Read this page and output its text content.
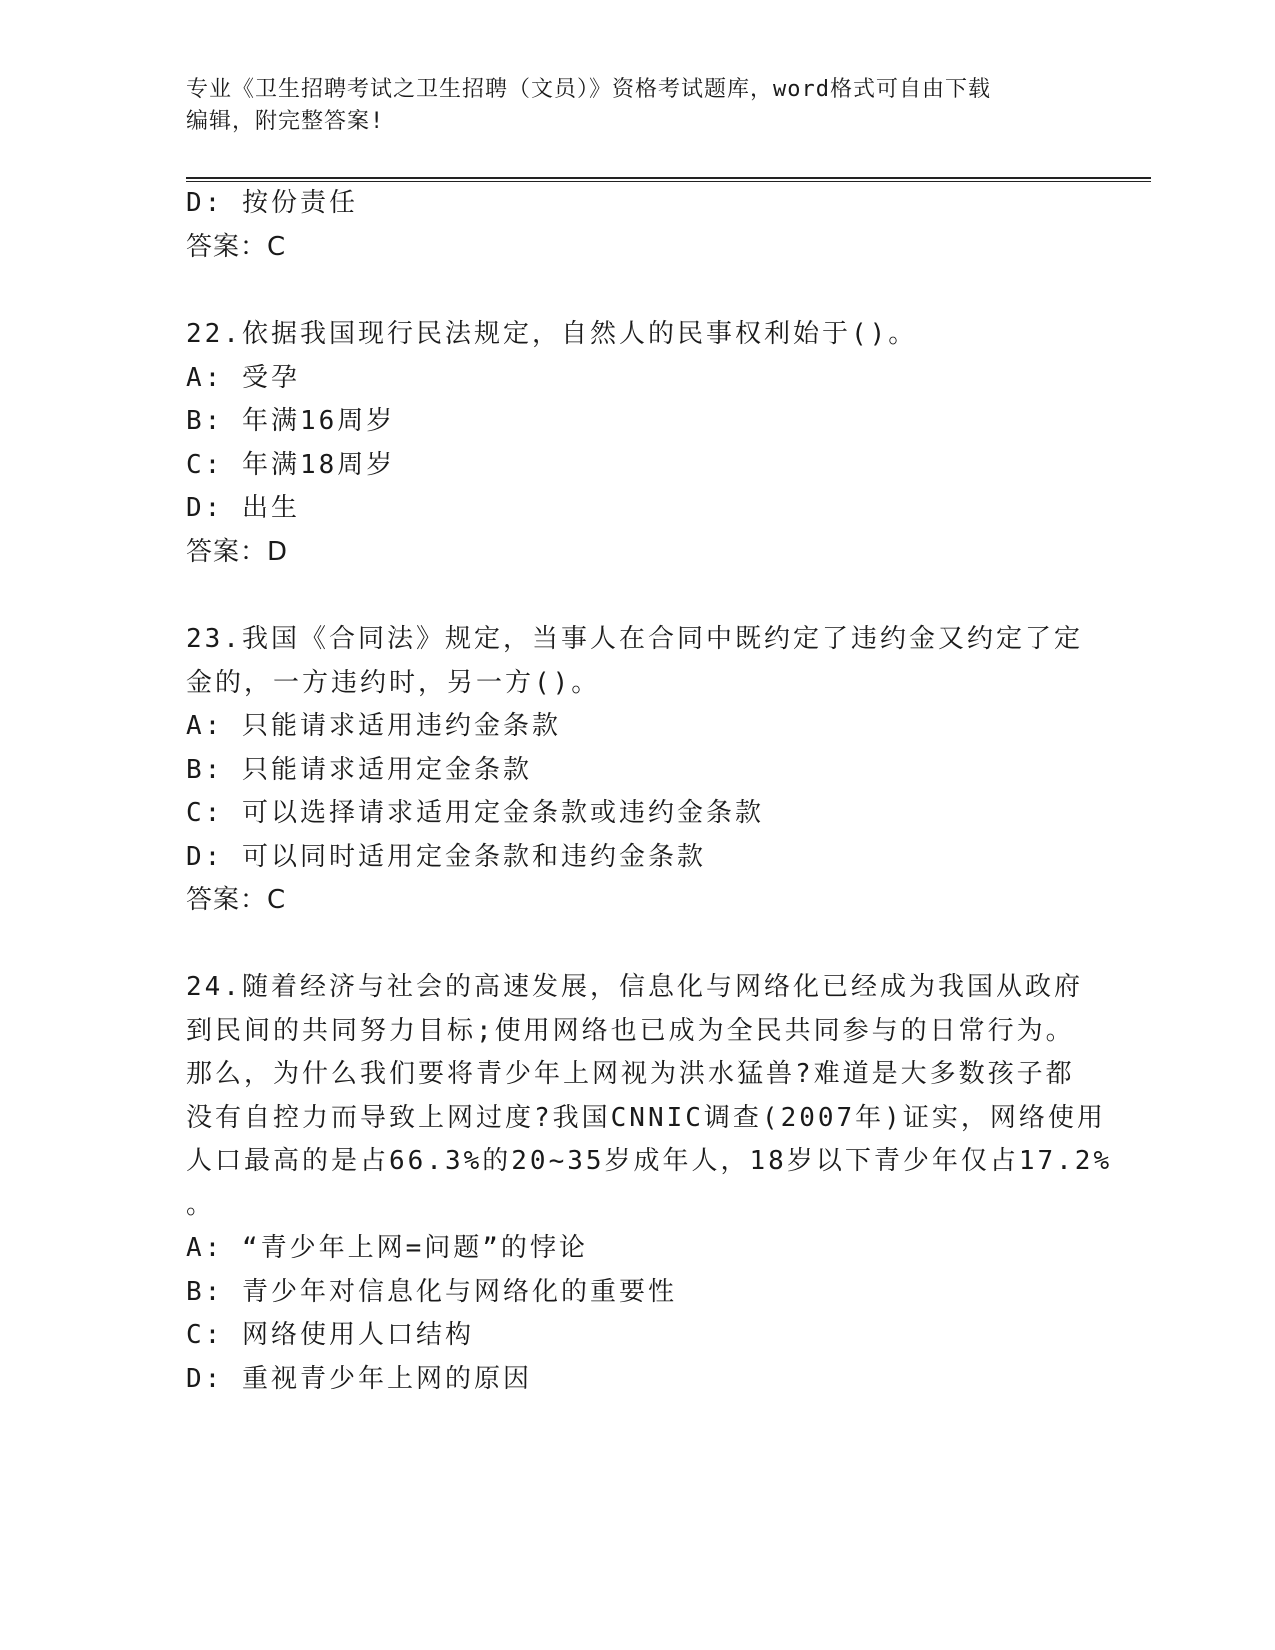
专业《卫生招聘考试之卫生招聘（文员）》资格考试题库，word格式可自由下载
编辑，附完整答案!
D: 按份责任
答案：C
22.依据我国现行民法规定，自然人的民事权利始于()。
A: 受孕
B: 年满16周岁
C: 年满18周岁
D: 出生
答案：D
23.我国《合同法》规定，当事人在合同中既约定了违约金又约定了定
金的，一方违约时，另一方()。
A: 只能请求适用违约金条款
B: 只能请求适用定金条款
C: 可以选择请求适用定金条款或违约金条款
D: 可以同时适用定金条款和违约金条款
答案：C
24.随着经济与社会的高速发展，信息化与网络化已经成为我国从政府
到民间的共同努力目标;使用网络也已成为全民共同参与的日常行为。
那么，为什么我们要将青少年上网视为洪水猛兽?难道是大多数孩子都
没有自控力而导致上网过度?我国CNNIC调查(2007年)证实，网络使用
人口最高的是占66.3%的20~35岁成年人，18岁以下青少年仅占17.2%
。
A: “青少年上网=问题”的悖论
B: 青少年对信息化与网络化的重要性
C: 网络使用人口结构
D: 重视青少年上网的原因
